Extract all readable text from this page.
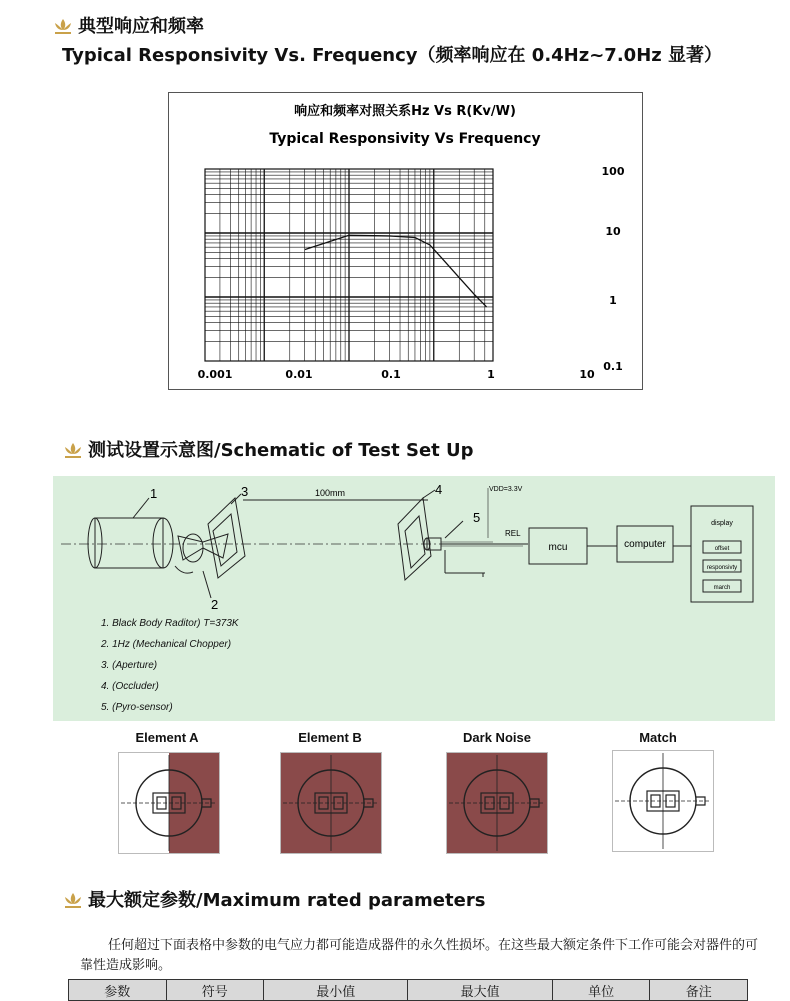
典型响应和频率
Typical Responsivity Vs. Frequency（频率响应在 0.4Hz~7.0Hz 显著）
响应和频率对照关系Hz Vs R(Kv/W)
Typical Responsivity Vs Frequency
0.001	0.01	0.1	1	10
100
10
1
0.1
测试设置示意图/Schematic of Test Set Up
1
2
3	100mm	4
5
VDD=3.3V
REL
mcu	computer
display
offset
responsivty
march
1. Black Body Raditor) T=373K
2. 1Hz (Mechanical Chopper)
3. (Aperture)
4. (Occluder)
5. (Pyro-sensor)
Element A	Element B	Dark Noise	Match
最大额定参数/Maximum rated parameters
任何超过下面表格中参数的电气应力都可能造成器件的永久性损坏。在这些最大额定条件下工作可能会对器件的可靠性造成影响。
参数	符号	最小值	最大值	单位	备注
